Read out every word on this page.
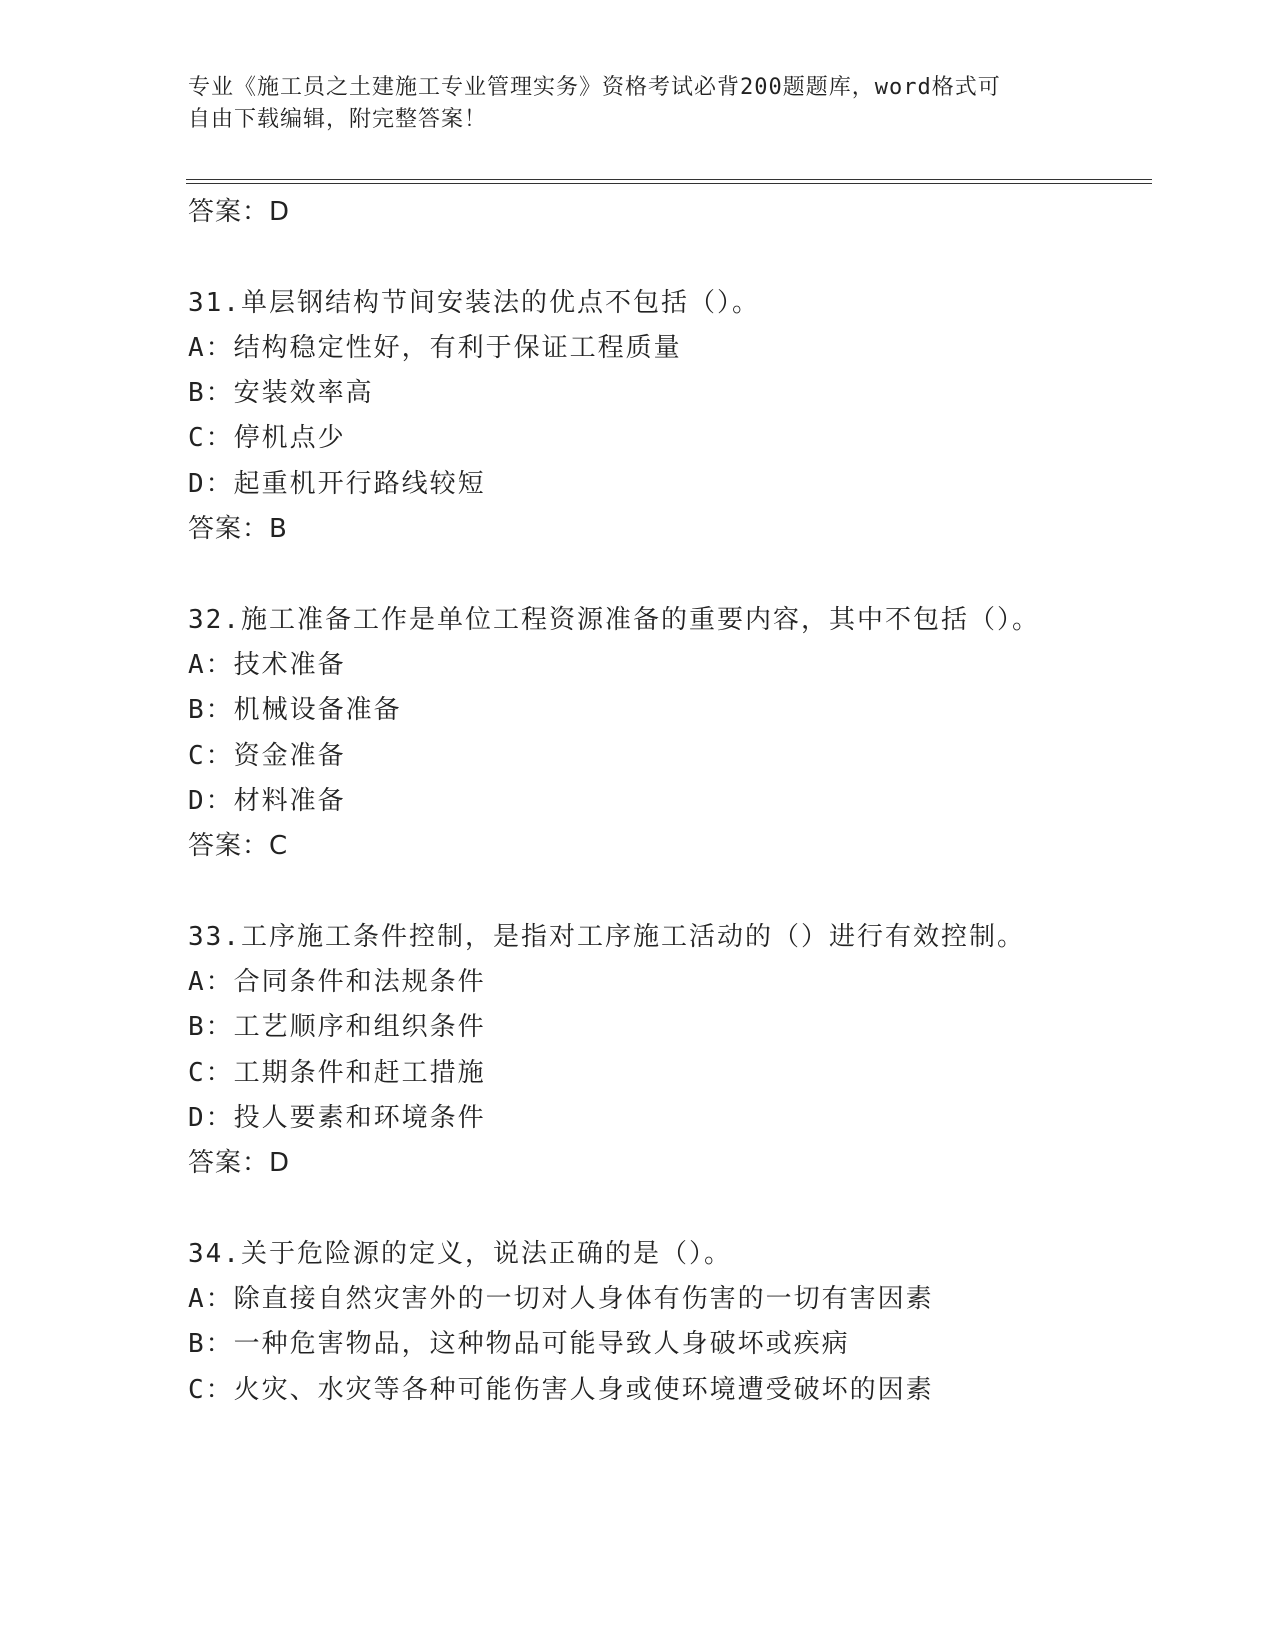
专业《施工员之土建施工专业管理实务》资格考试必背200题题库，word格式可
自由下载编辑，附完整答案！
答案：D
31.单层钢结构节间安装法的优点不包括（）。
A：结构稳定性好，有利于保证工程质量
B：安装效率高
C：停机点少
D：起重机开行路线较短
答案：B
32.施工准备工作是单位工程资源准备的重要内容，其中不包括（）。
A：技术准备
B：机械设备准备
C：资金准备
D：材料准备
答案：C
33.工序施工条件控制，是指对工序施工活动的（）进行有效控制。
A：合同条件和法规条件
B：工艺顺序和组织条件
C：工期条件和赶工措施
D：投人要素和环境条件
答案：D
34.关于危险源的定义，说法正确的是（）。
A：除直接自然灾害外的一切对人身体有伤害的一切有害因素
B：一种危害物品，这种物品可能导致人身破坏或疾病
C：火灾、水灾等各种可能伤害人身或使环境遭受破坏的因素
